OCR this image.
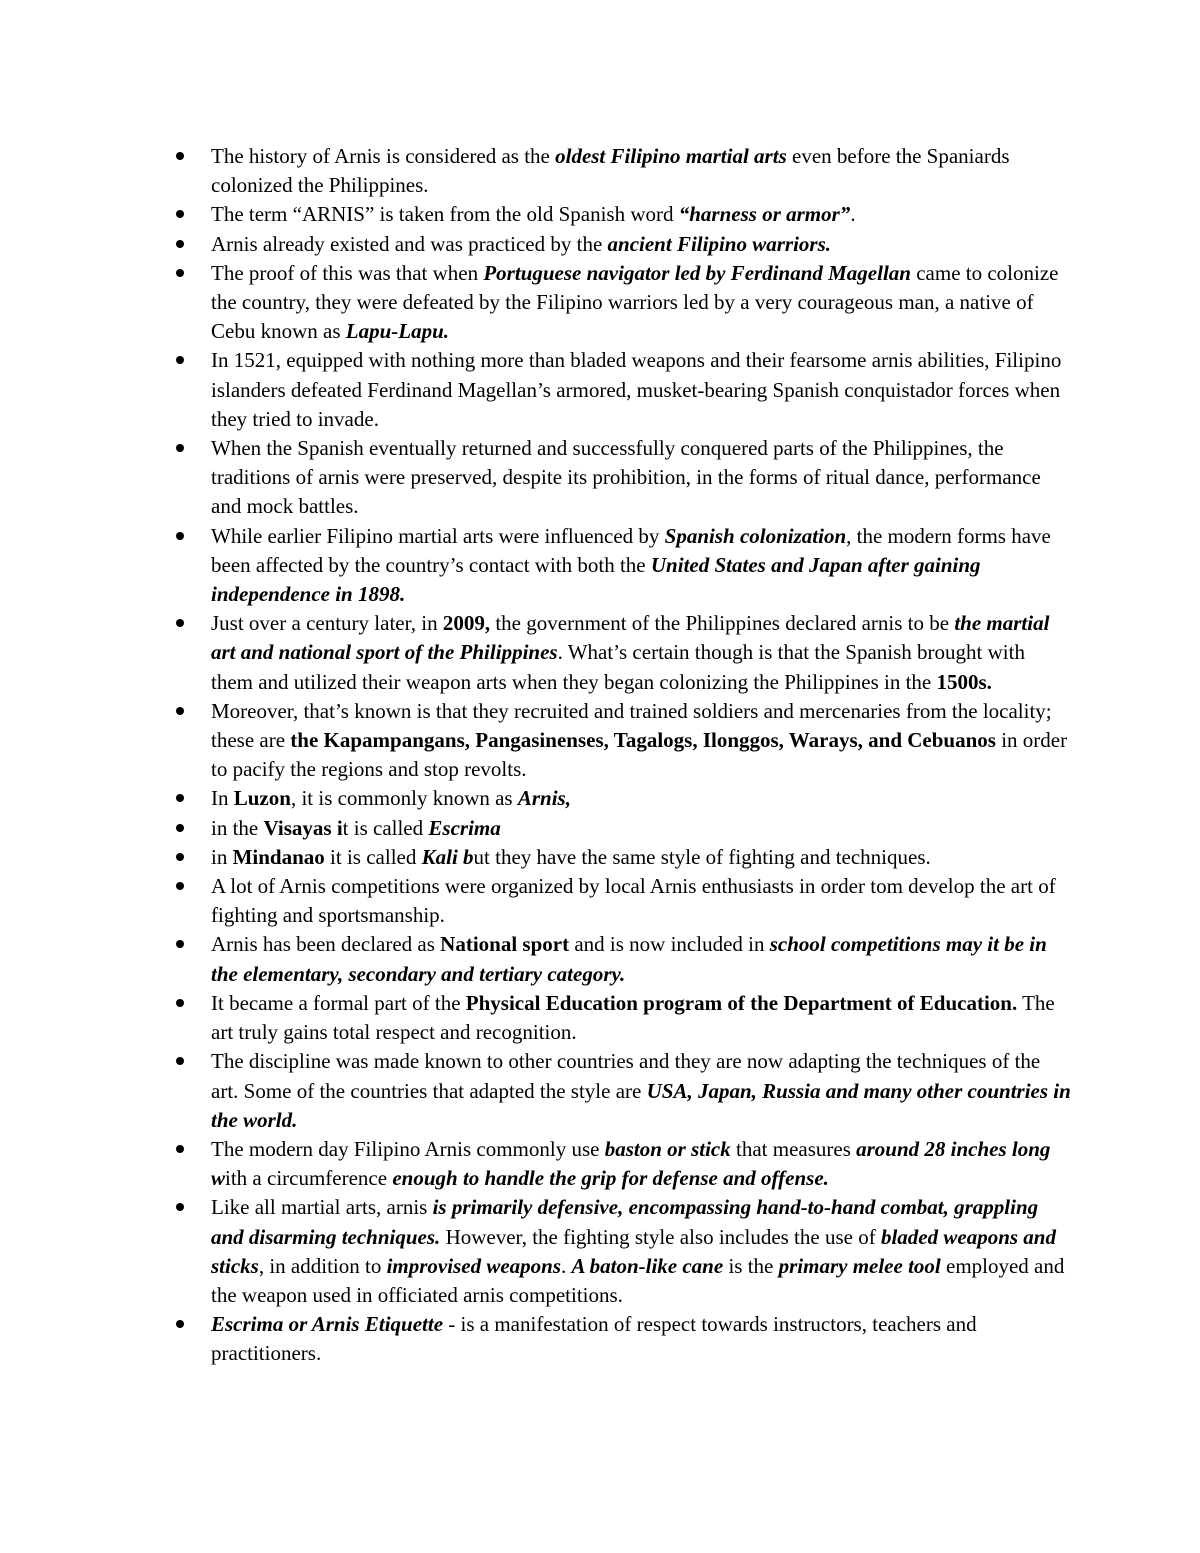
The history of Arnis is considered as the oldest Filipino martial arts even before the Spaniards colonized the Philippines.
The term “ARNIS” is taken from the old Spanish word “harness or armor”.
Arnis already existed and was practiced by the ancient Filipino warriors.
The proof of this was that when Portuguese navigator led by Ferdinand Magellan came to colonize the country, they were defeated by the Filipino warriors led by a very courageous man, a native of Cebu known as Lapu-Lapu.
In 1521, equipped with nothing more than bladed weapons and their fearsome arnis abilities, Filipino islanders defeated Ferdinand Magellan’s armored, musket-bearing Spanish conquistador forces when they tried to invade.
When the Spanish eventually returned and successfully conquered parts of the Philippines, the traditions of arnis were preserved, despite its prohibition, in the forms of ritual dance, performance and mock battles.
While earlier Filipino martial arts were influenced by Spanish colonization, the modern forms have been affected by the country’s contact with both the United States and Japan after gaining independence in 1898.
Just over a century later, in 2009, the government of the Philippines declared arnis to be the martial art and national sport of the Philippines. What’s certain though is that the Spanish brought with them and utilized their weapon arts when they began colonizing the Philippines in the 1500s.
Moreover, that’s known is that they recruited and trained soldiers and mercenaries from the locality; these are the Kapampangans, Pangasinenses, Tagalogs, Ilonggos, Warays, and Cebuanos in order to pacify the regions and stop revolts.
In Luzon, it is commonly known as Arnis,
in the Visayas it is called Escrima
in Mindanao it is called Kali but they have the same style of fighting and techniques.
A lot of Arnis competitions were organized by local Arnis enthusiasts in order tom develop the art of fighting and sportsmanship.
Arnis has been declared as National sport and is now included in school competitions may it be in the elementary, secondary and tertiary category.
It became a formal part of the Physical Education program of the Department of Education. The art truly gains total respect and recognition.
The discipline was made known to other countries and they are now adapting the techniques of the art. Some of the countries that adapted the style are USA, Japan, Russia and many other countries in the world.
The modern day Filipino Arnis commonly use baston or stick that measures around 28 inches long with a circumference enough to handle the grip for defense and offense.
Like all martial arts, arnis is primarily defensive, encompassing hand-to-hand combat, grappling and disarming techniques. However, the fighting style also includes the use of bladed weapons and sticks, in addition to improvised weapons. A baton-like cane is the primary melee tool employed and the weapon used in officiated arnis competitions.
Escrima or Arnis Etiquette - is a manifestation of respect towards instructors, teachers and practitioners.
